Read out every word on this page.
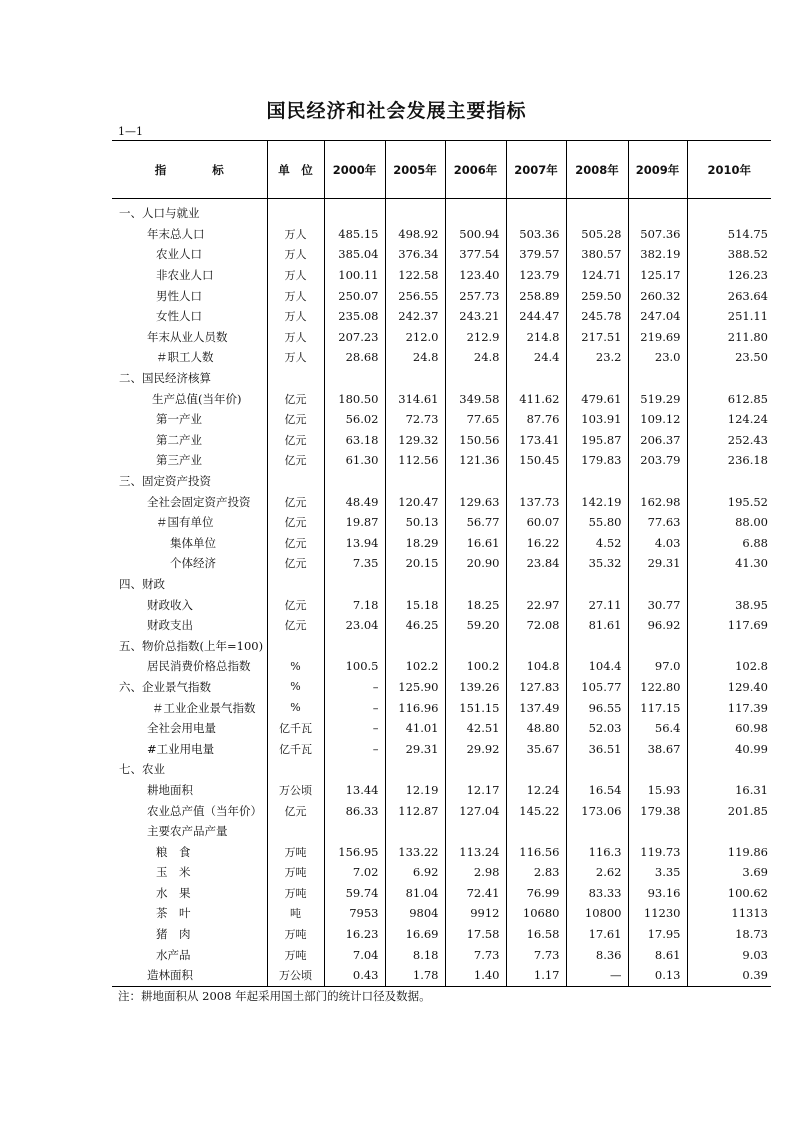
国民经济和社会发展主要指标
1—1
指　　　　标	单　位	2000年	2005年	2006年	2007年	2008年	2009年	2010年
一、人口与就业								
年末总人口	万人	485.15	498.92	500.94	503.36	505.28	507.36	514.75
农业人口	万人	385.04	376.34	377.54	379.57	380.57	382.19	388.52
非农业人口	万人	100.11	122.58	123.40	123.79	124.71	125.17	126.23
男性人口	万人	250.07	256.55	257.73	258.89	259.50	260.32	263.64
女性人口	万人	235.08	242.37	243.21	244.47	245.78	247.04	251.11
年末从业人员数	万人	207.23	212.0	212.9	214.8	217.51	219.69	211.80
＃职工人数	万人	28.68	24.8	24.8	24.4	23.2	23.0	23.50
二、国民经济核算								
生产总值(当年价)	亿元	180.50	314.61	349.58	411.62	479.61	519.29	612.85
第一产业	亿元	56.02	72.73	77.65	87.76	103.91	109.12	124.24
第二产业	亿元	63.18	129.32	150.56	173.41	195.87	206.37	252.43
第三产业	亿元	61.30	112.56	121.36	150.45	179.83	203.79	236.18
三、固定资产投资								
全社会固定资产投资	亿元	48.49	120.47	129.63	137.73	142.19	162.98	195.52
＃国有单位	亿元	19.87	50.13	56.77	60.07	55.80	77.63	88.00
集体单位	亿元	13.94	18.29	16.61	16.22	4.52	4.03	6.88
个体经济	亿元	7.35	20.15	20.90	23.84	35.32	29.31	41.30
四、财政								
财政收入	亿元	7.18	15.18	18.25	22.97	27.11	30.77	38.95
财政支出	亿元	23.04	46.25	59.20	72.08	81.61	96.92	117.69
五、物价总指数(上年=100)								
居民消费价格总指数	%	100.5	102.2	100.2	104.8	104.4	97.0	102.8
六、企业景气指数	%	–	125.90	139.26	127.83	105.77	122.80	129.40
＃工业企业景气指数	%	–	116.96	151.15	137.49	96.55	117.15	117.39
全社会用电量	亿千瓦	–	41.01	42.51	48.80	52.03	56.4	60.98
#工业用电量	亿千瓦	–	29.31	29.92	35.67	36.51	38.67	40.99
七、农业								
耕地面积	万公顷	13.44	12.19	12.17	12.24	16.54	15.93	16.31
农业总产值（当年价）	亿元	86.33	112.87	127.04	145.22	173.06	179.38	201.85
主要农产品产量								
粮　食	万吨	156.95	133.22	113.24	116.56	116.3	119.73	119.86
玉　米	万吨	7.02	6.92	2.98	2.83	2.62	3.35	3.69
水　果	万吨	59.74	81.04	72.41	76.99	83.33	93.16	100.62
茶　叶	吨	7953	9804	9912	10680	10800	11230	11313
猪　肉	万吨	16.23	16.69	17.58	16.58	17.61	17.95	18.73
水产品	万吨	7.04	8.18	7.73	7.73	8.36	8.61	9.03
造林面积	万公顷	0.43	1.78	1.40	1.17	—	0.13	0.39
注：耕地面积从 2008 年起采用国土部门的统计口径及数据。
